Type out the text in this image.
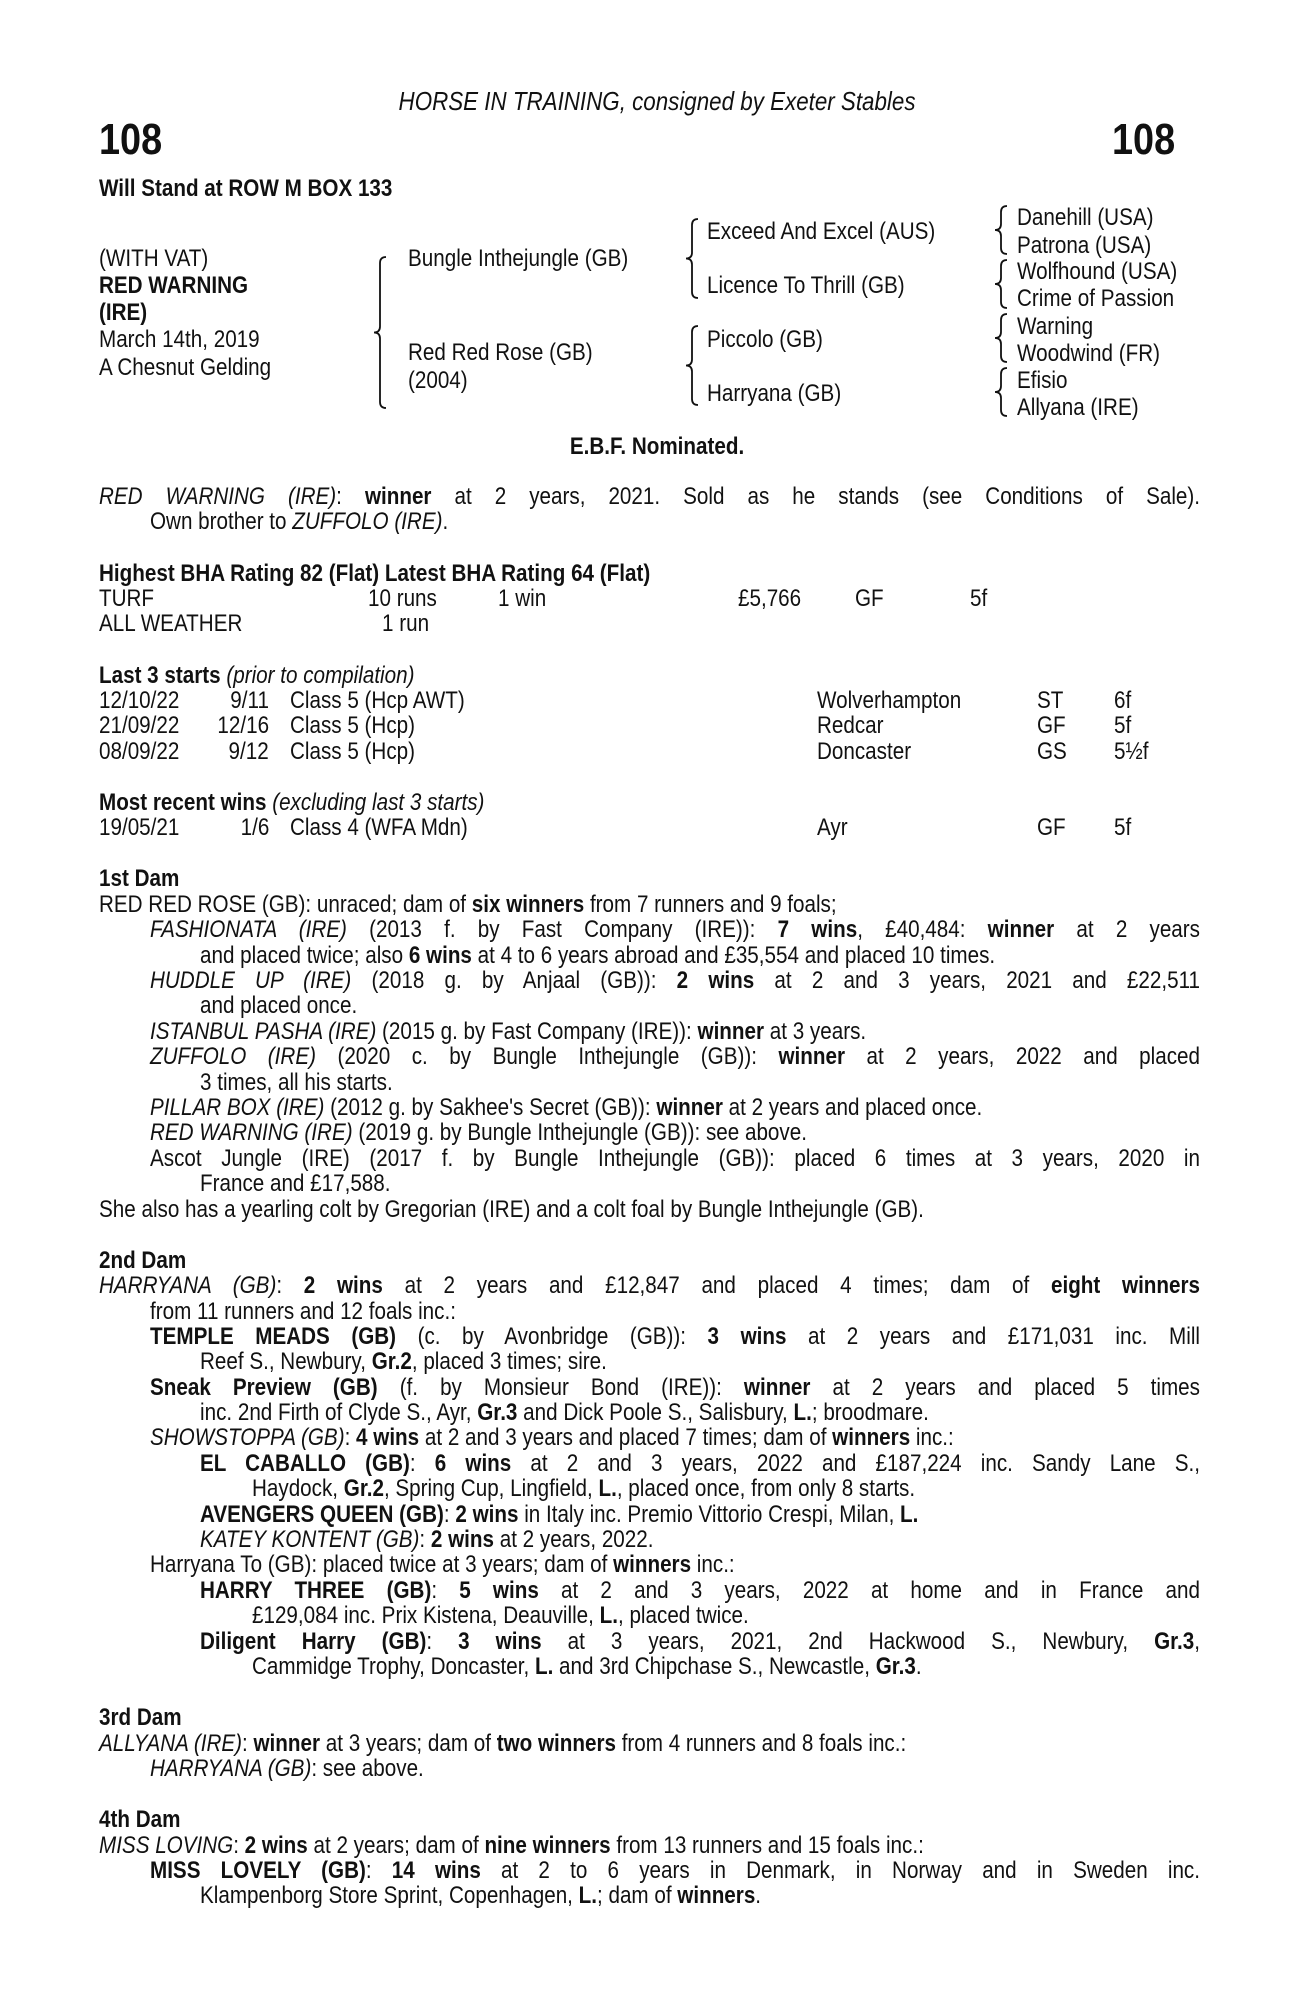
HORSE IN TRAINING, consigned by Exeter Stables
108	108
Will Stand at ROW M BOX 133
(WITH VAT)
RED WARNING
(IRE)
March 14th, 2019
A Chesnut Gelding
Bungle Inthejungle (GB)
Red Red Rose (GB)
(2004)
Exceed And Excel (AUS)
Licence To Thrill (GB)
Piccolo (GB)
Harryana (GB)
Danehill (USA)
Patrona (USA)
Wolfhound (USA)
Crime of Passion
Warning
Woodwind (FR)
Efisio
Allyana (IRE)
E.B.F. Nominated.
RED WARNING (IRE): winner at 2 years, 2021. Sold as he stands (see Conditions of Sale).
Own brother to ZUFFOLO (IRE).
Highest BHA Rating 82 (Flat) Latest BHA Rating 64 (Flat)
TURF	10 runs	1 win	£5,766 GF	5f
ALL WEATHER	1 run
Last 3 starts (prior to compilation)
12/10/22 9/11 Class 5 (Hcp AWT)	Wolverhampton	ST 6f
21/09/22 12/16 Class 5 (Hcp)	Redcar	GF 5f
08/09/22 9/12 Class 5 (Hcp)	Doncaster	GS 5½f
Most recent wins (excluding last 3 starts)
19/05/21	1/6 Class 4 (WFA Mdn)	Ayr	GF 5f
1st Dam
RED RED ROSE (GB): unraced; dam of six winners from 7 runners and 9 foals;
FASHIONATA (IRE) (2013 f. by Fast Company (IRE)): 7 wins, £40,484: winner at 2 years
and placed twice; also 6 wins at 4 to 6 years abroad and £35,554 and placed 10 times.
HUDDLE UP (IRE) (2018 g. by Anjaal (GB)): 2 wins at 2 and 3 years, 2021 and £22,511
and placed once.
ISTANBUL PASHA (IRE) (2015 g. by Fast Company (IRE)): winner at 3 years.
ZUFFOLO (IRE) (2020 c. by Bungle Inthejungle (GB)): winner at 2 years, 2022 and placed
3 times, all his starts.
PILLAR BOX (IRE) (2012 g. by Sakhee's Secret (GB)): winner at 2 years and placed once.
RED WARNING (IRE) (2019 g. by Bungle Inthejungle (GB)): see above.
Ascot Jungle (IRE) (2017 f. by Bungle Inthejungle (GB)): placed 6 times at 3 years, 2020 in
France and £17,588.
She also has a yearling colt by Gregorian (IRE) and a colt foal by Bungle Inthejungle (GB).
2nd Dam
HARRYANA (GB): 2 wins at 2 years and £12,847 and placed 4 times; dam of eight winners
from 11 runners and 12 foals inc.:
TEMPLE MEADS (GB) (c. by Avonbridge (GB)): 3 wins at 2 years and £171,031 inc. Mill
Reef S., Newbury, Gr.2, placed 3 times; sire.
Sneak Preview (GB) (f. by Monsieur Bond (IRE)): winner at 2 years and placed 5 times
inc. 2nd Firth of Clyde S., Ayr, Gr.3 and Dick Poole S., Salisbury, L.; broodmare.
SHOWSTOPPA (GB): 4 wins at 2 and 3 years and placed 7 times; dam of winners inc.:
EL CABALLO (GB): 6 wins at 2 and 3 years, 2022 and £187,224 inc. Sandy Lane S.,
Haydock, Gr.2, Spring Cup, Lingfield, L., placed once, from only 8 starts.
AVENGERS QUEEN (GB): 2 wins in Italy inc. Premio Vittorio Crespi, Milan, L.
KATEY KONTENT (GB): 2 wins at 2 years, 2022.
Harryana To (GB): placed twice at 3 years; dam of winners inc.:
HARRY THREE (GB): 5 wins at 2 and 3 years, 2022 at home and in France and
£129,084 inc. Prix Kistena, Deauville, L., placed twice.
Diligent Harry (GB): 3 wins at 3 years, 2021, 2nd Hackwood S., Newbury, Gr.3,
Cammidge Trophy, Doncaster, L. and 3rd Chipchase S., Newcastle, Gr.3.
3rd Dam
ALLYANA (IRE): winner at 3 years; dam of two winners from 4 runners and 8 foals inc.:
HARRYANA (GB): see above.
4th Dam
MISS LOVING: 2 wins at 2 years; dam of nine winners from 13 runners and 15 foals inc.:
MISS LOVELY (GB): 14 wins at 2 to 6 years in Denmark, in Norway and in Sweden inc.
Klampenborg Store Sprint, Copenhagen, L.; dam of winners.
